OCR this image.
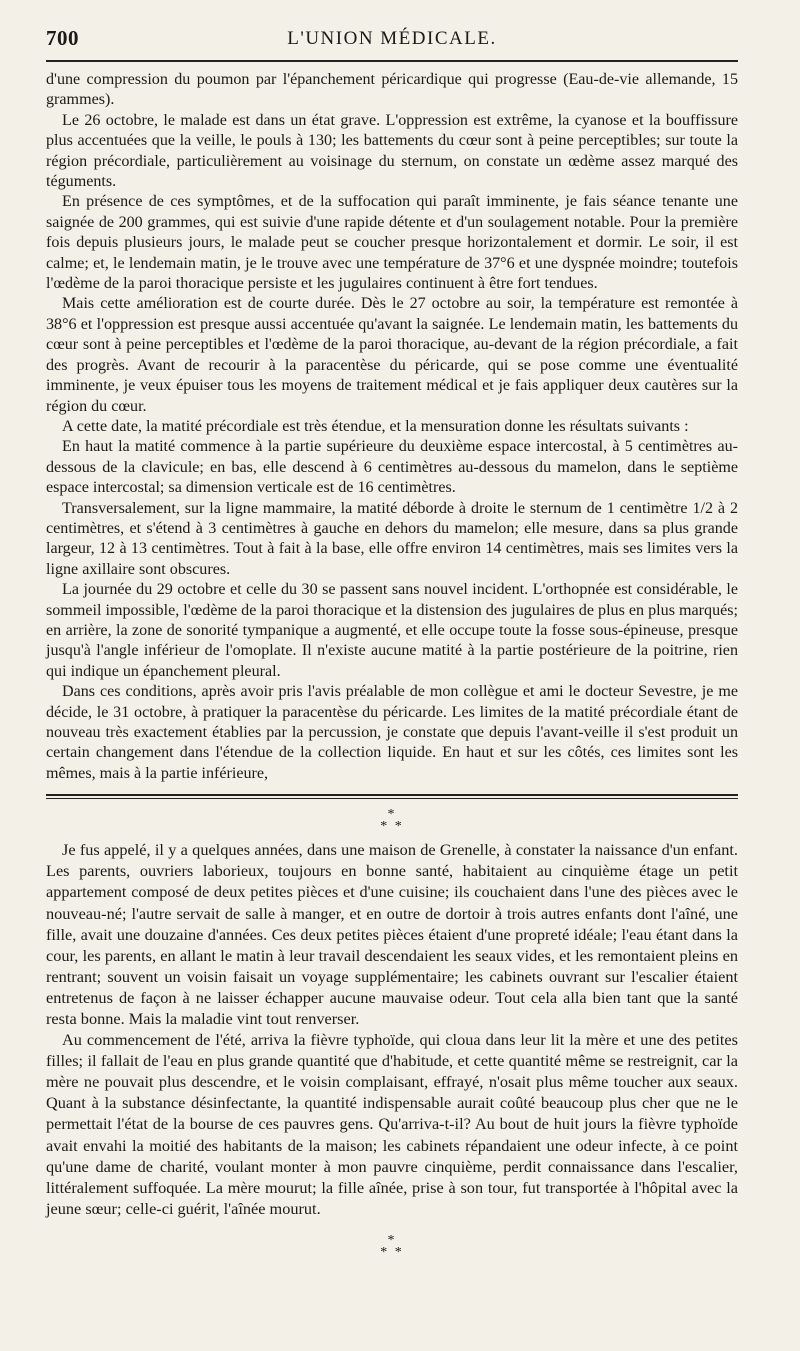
700	L'UNION MÉDICALE.

d'une compression du poumon par l'épanchement péricardique qui progresse (Eau-de-vie allemande, 15 grammes).

Le 26 octobre, le malade est dans un état grave. L'oppression est extrême, la cyanose et la bouffissure plus accentuées que la veille, le pouls à 130; les battements du cœur sont à peine perceptibles; sur toute la région précordiale, particulièrement au voisinage du sternum, on constate un œdème assez marqué des téguments.

En présence de ces symptômes, et de la suffocation qui paraît imminente, je fais séance tenante une saignée de 200 grammes, qui est suivie d'une rapide détente et d'un soulagement notable. Pour la première fois depuis plusieurs jours, le malade peut se coucher presque horizontalement et dormir. Le soir, il est calme; et, le lendemain matin, je le trouve avec une température de 37°6 et une dyspnée moindre; toutefois l'œdème de la paroi thoracique persiste et les jugulaires continuent à être fort tendues.

Mais cette amélioration est de courte durée. Dès le 27 octobre au soir, la température est remontée à 38°6 et l'oppression est presque aussi accentuée qu'avant la saignée. Le lendemain matin, les battements du cœur sont à peine perceptibles et l'œdème de la paroi thoracique, au-devant de la région précordiale, a fait des progrès. Avant de recourir à la paracentèse du péricarde, qui se pose comme une éventualité imminente, je veux épuiser tous les moyens de traitement médical et je fais appliquer deux cautères sur la région du cœur.

A cette date, la matité précordiale est très étendue, et la mensuration donne les résultats suivants :

En haut la matité commence à la partie supérieure du deuxième espace intercostal, à 5 centimètres au-dessous de la clavicule; en bas, elle descend à 6 centimètres au-dessous du mamelon, dans le septième espace intercostal; sa dimension verticale est de 16 centimètres.

Transversalement, sur la ligne mammaire, la matité déborde à droite le sternum de 1 centimètre 1/2 à 2 centimètres, et s'étend à 3 centimètres à gauche en dehors du mamelon; elle mesure, dans sa plus grande largeur, 12 à 13 centimètres. Tout à fait à la base, elle offre environ 14 centimètres, mais ses limites vers la ligne axillaire sont obscures.

La journée du 29 octobre et celle du 30 se passent sans nouvel incident. L'orthopnée est considérable, le sommeil impossible, l'œdème de la paroi thoracique et la distension des jugulaires de plus en plus marqués; en arrière, la zone de sonorité tympanique a augmenté, et elle occupe toute la fosse sous-épineuse, presque jusqu'à l'angle inférieur de l'omoplate. Il n'existe aucune matité à la partie postérieure de la poitrine, rien qui indique un épanchement pleural.

Dans ces conditions, après avoir pris l'avis préalable de mon collègue et ami le docteur Sevestre, je me décide, le 31 octobre, à pratiquer la paracentèse du péricarde. Les limites de la matité précordiale étant de nouveau très exactement établies par la percussion, je constate que depuis l'avant-veille il s'est produit un certain changement dans l'étendue de la collection liquide. En haut et sur les côtés, ces limites sont les mêmes, mais à la partie inférieure,

*
* *

Je fus appelé, il y a quelques années, dans une maison de Grenelle, à constater la naissance d'un enfant. Les parents, ouvriers laborieux, toujours en bonne santé, habitaient au cinquième étage un petit appartement composé de deux petites pièces et d'une cuisine; ils couchaient dans l'une des pièces avec le nouveau-né; l'autre servait de salle à manger, et en outre de dortoir à trois autres enfants dont l'aîné, une fille, avait une douzaine d'années. Ces deux petites pièces étaient d'une propreté idéale; l'eau étant dans la cour, les parents, en allant le matin à leur travail descendaient les seaux vides, et les remontaient pleins en rentrant; souvent un voisin faisait un voyage supplémentaire; les cabinets ouvrant sur l'escalier étaient entretenus de façon à ne laisser échapper aucune mauvaise odeur. Tout cela alla bien tant que la santé resta bonne. Mais la maladie vint tout renverser.

Au commencement de l'été, arriva la fièvre typhoïde, qui cloua dans leur lit la mère et une des petites filles; il fallait de l'eau en plus grande quantité que d'habitude, et cette quantité même se restreignit, car la mère ne pouvait plus descendre, et le voisin complaisant, effrayé, n'osait plus même toucher aux seaux. Quant à la substance désinfectante, la quantité indispensable aurait coûté beaucoup plus cher que ne le permettait l'état de la bourse de ces pauvres gens. Qu'arriva-t-il? Au bout de huit jours la fièvre typhoïde avait envahi la moitié des habitants de la maison; les cabinets répandaient une odeur infecte, à ce point qu'une dame de charité, voulant monter à mon pauvre cinquième, perdit connaissance dans l'escalier, littéralement suffoquée. La mère mourut; la fille aînée, prise à son tour, fut transportée à l'hôpital avec la jeune sœur; celle-ci guérit, l'aînée mourut.

*
* *
